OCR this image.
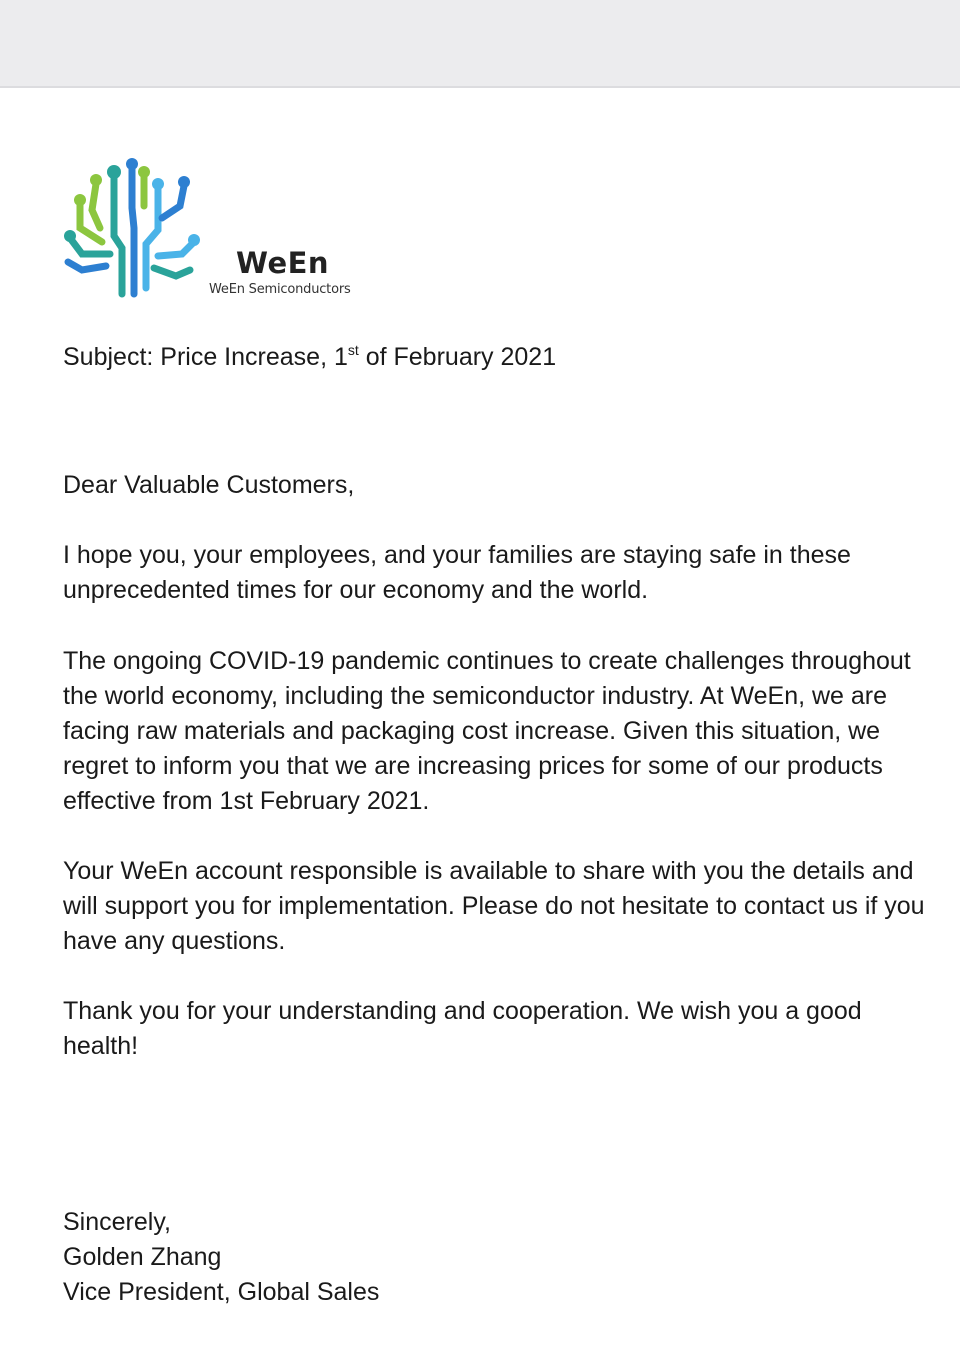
WeEn
WeEn Semiconductors
Subject: Price Increase, 1st of February 2021
Dear Valuable Customers,
I hope you, your employees, and your families are staying safe in these unprecedented times for our economy and the world.
The ongoing COVID-19 pandemic continues to create challenges throughout the world economy, including the semiconductor industry. At WeEn, we are facing raw materials and packaging cost increase. Given this situation, we regret to inform you that we are increasing prices for some of our products effective from 1st February 2021.
Your WeEn account responsible is available to share with you the details and will support you for implementation. Please do not hesitate to contact us if you have any questions.
Thank you for your understanding and cooperation. We wish you a good health!
Sincerely,
Golden Zhang
Vice President, Global Sales
